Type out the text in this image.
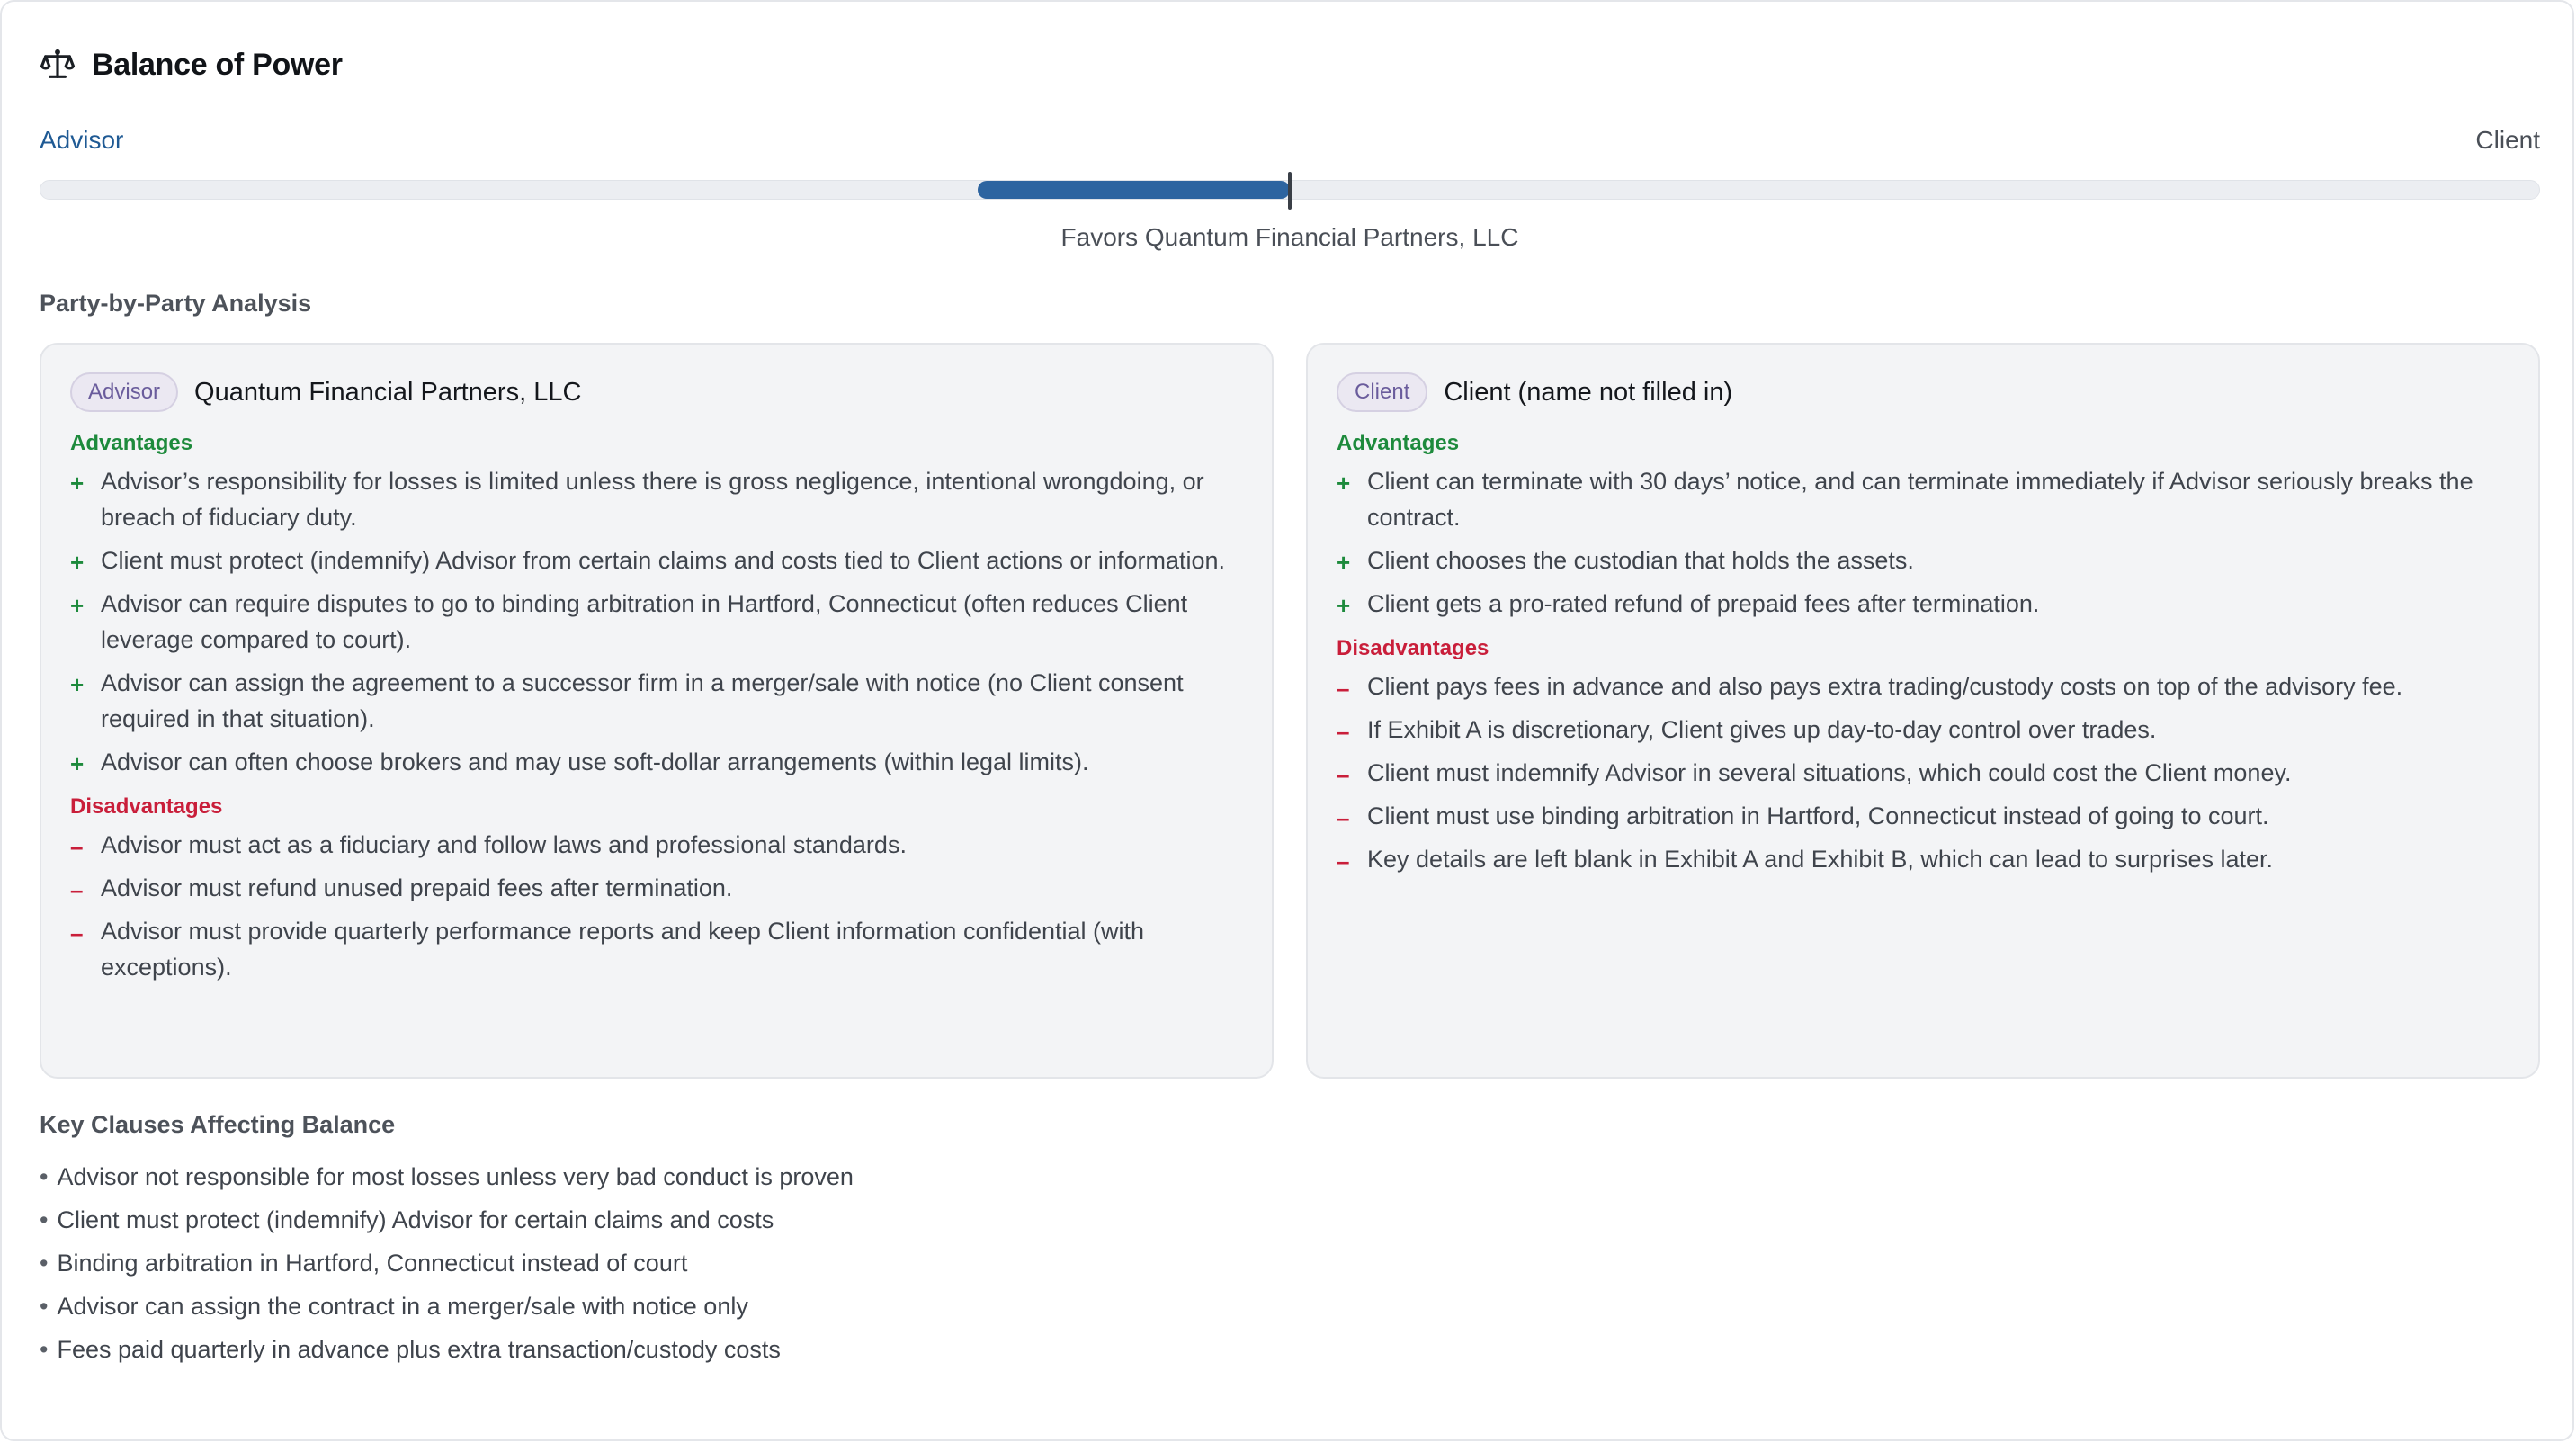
Balance of Power
Advisor	Client
Favors Quantum Financial Partners, LLC
Party-by-Party Analysis
Advisor	Quantum Financial Partners, LLC
Advantages
+ Advisor’s responsibility for losses is limited unless there is gross negligence, intentional wrongdoing, or breach of fiduciary duty.
+ Client must protect (indemnify) Advisor from certain claims and costs tied to Client actions or information.
+ Advisor can require disputes to go to binding arbitration in Hartford, Connecticut (often reduces Client leverage compared to court).
+ Advisor can assign the agreement to a successor firm in a merger/sale with notice (no Client consent required in that situation).
+ Advisor can often choose brokers and may use soft-dollar arrangements (within legal limits).
Disadvantages
– Advisor must act as a fiduciary and follow laws and professional standards.
– Advisor must refund unused prepaid fees after termination.
– Advisor must provide quarterly performance reports and keep Client information confidential (with exceptions).
Client	Client (name not filled in)
Advantages
+ Client can terminate with 30 days’ notice, and can terminate immediately if Advisor seriously breaks the contract.
+ Client chooses the custodian that holds the assets.
+ Client gets a pro-rated refund of prepaid fees after termination.
Disadvantages
– Client pays fees in advance and also pays extra trading/custody costs on top of the advisory fee.
– If Exhibit A is discretionary, Client gives up day-to-day control over trades.
– Client must indemnify Advisor in several situations, which could cost the Client money.
– Client must use binding arbitration in Hartford, Connecticut instead of going to court.
– Key details are left blank in Exhibit A and Exhibit B, which can lead to surprises later.
Key Clauses Affecting Balance
• Advisor not responsible for most losses unless very bad conduct is proven
• Client must protect (indemnify) Advisor for certain claims and costs
• Binding arbitration in Hartford, Connecticut instead of court
• Advisor can assign the contract in a merger/sale with notice only
• Fees paid quarterly in advance plus extra transaction/custody costs
